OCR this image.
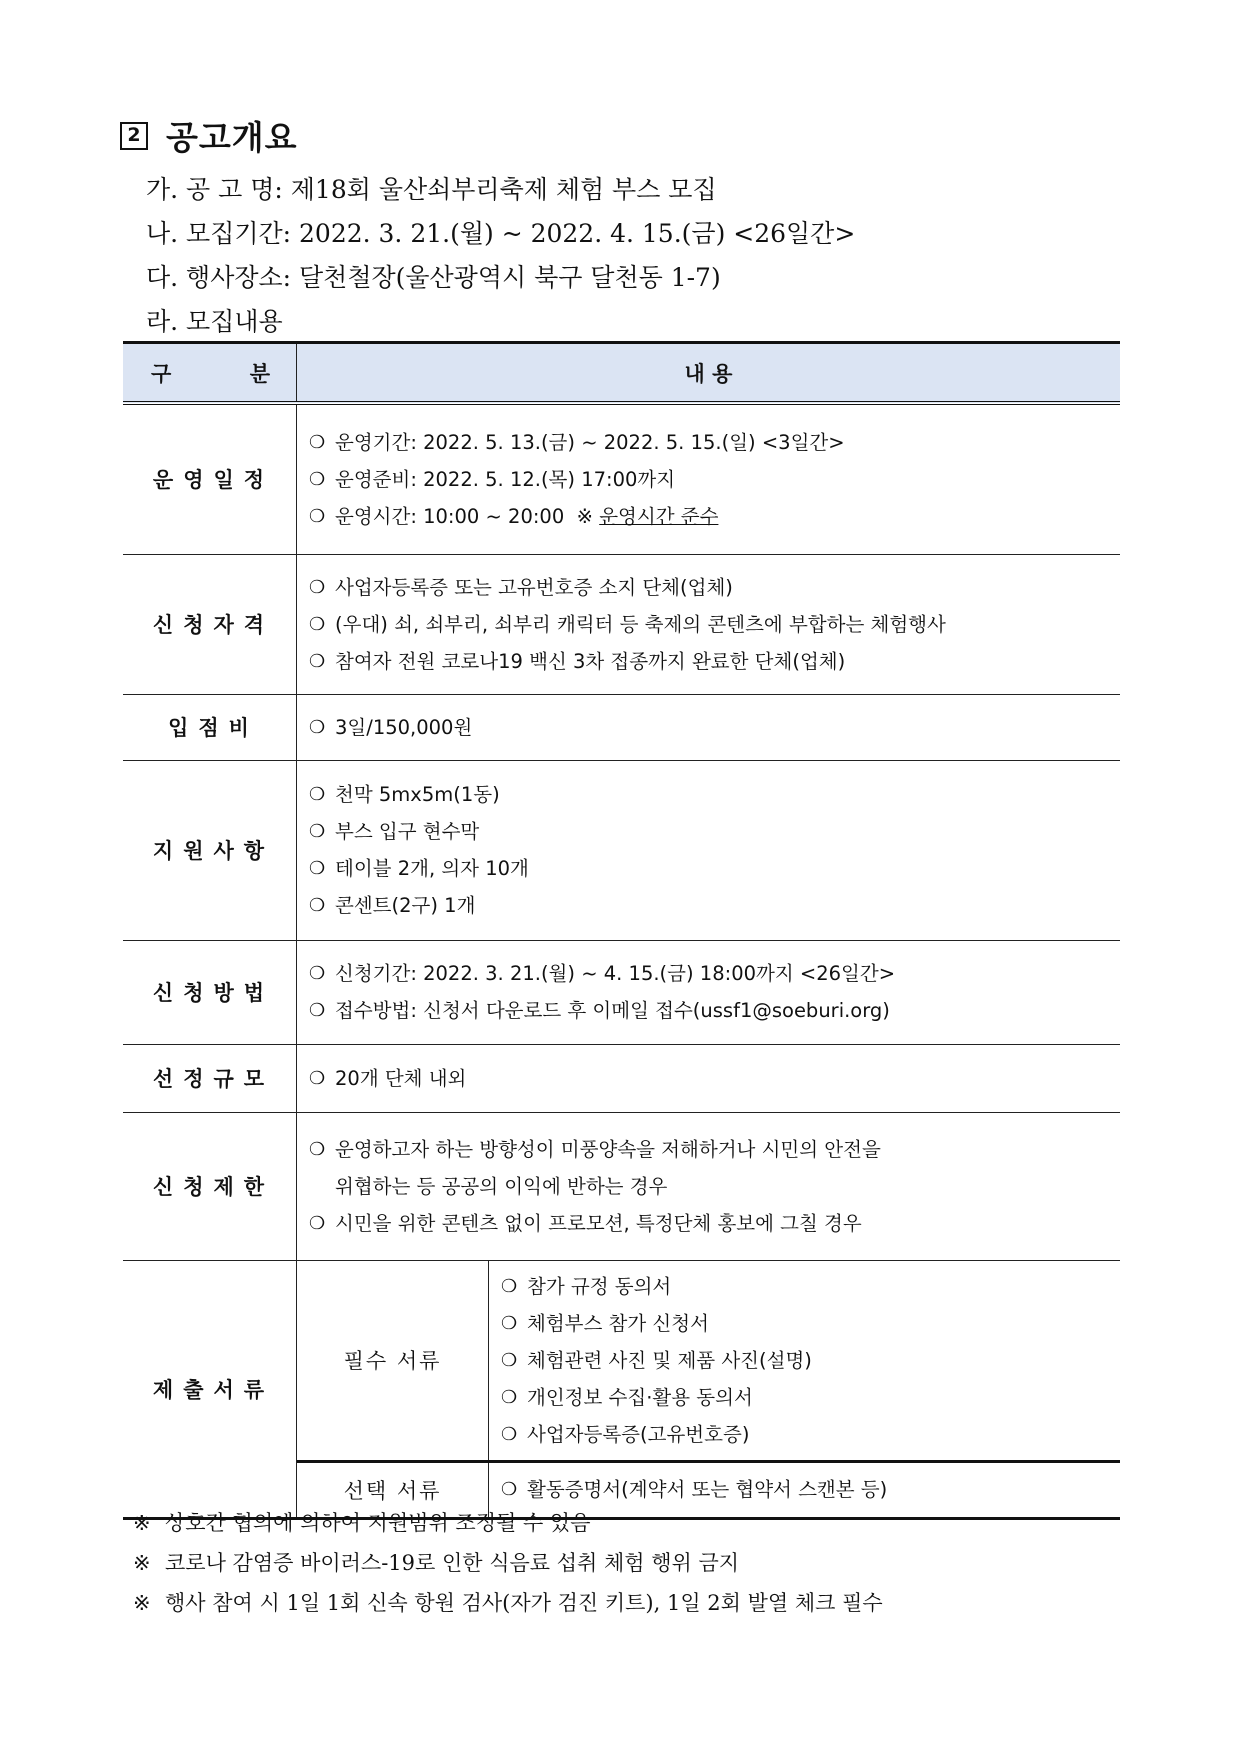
2 공고개요
가. 공 고 명: 제18회 울산쇠부리축제 체험 부스 모집
나. 모집기간: 2022. 3. 21.(월) ~ 2022. 4. 15.(금) <26일간>
다. 행사장소: 달천철장(울산광역시 북구 달천동 1-7)
라. 모집내용
구	분	내 용
운영일정	
❍ 운영기간: 2022. 5. 13.(금) ~ 2022. 5. 15.(일) <3일간>
❍ 운영준비: 2022. 5. 12.(목) 17:00까지
❍ 운영시간: 10:00 ~ 20:00  ※ 운영시간 준수

신청자격	
❍ 사업자등록증 또는 고유번호증 소지 단체(업체)
❍ (우대) 쇠, 쇠부리, 쇠부리 캐릭터 등 축제의 콘텐츠에 부합하는 체험행사
❍ 참여자 전원 코로나19 백신 3차 접종까지 완료한 단체(업체)

입점비	❍ 3일/150,000원

지원사항	
❍ 천막 5mx5m(1동)
❍ 부스 입구 현수막
❍ 테이블 2개, 의자 10개
❍ 콘센트(2구) 1개

신청방법	
❍ 신청기간: 2022. 3. 21.(월) ~ 4. 15.(금) 18:00까지 <26일간>
❍ 접수방법: 신청서 다운로드 후 이메일 접수(ussf1@soeburi.org)

선정규모	❍ 20개 단체 내외

신청제한	
❍ 운영하고자 하는 방향성이 미풍양속을 저해하거나 시민의 안전을
위협하는 등 공공의 이익에 반하는 경우
❍ 시민을 위한 콘텐츠 없이 프로모션, 특정단체 홍보에 그칠 경우

제출서류	
필수 서류	
❍ 참가 규정 동의서
❍ 체험부스 참가 신청서
❍ 체험관련 사진 및 제품 사진(설명)
❍ 개인정보 수집·활용 동의서
❍ 사업자등록증(고유번호증)

선택 서류	❍ 활동증명서(계약서 또는 협약서 스캔본 등)
※ 상호간 협의에 의하여 지원범위 조정될 수 있음
※ 코로나 감염증 바이러스-19로 인한 식음료 섭취 체험 행위 금지
※ 행사 참여 시 1일 1회 신속 항원 검사(자가 검진 키트), 1일 2회 발열 체크 필수
